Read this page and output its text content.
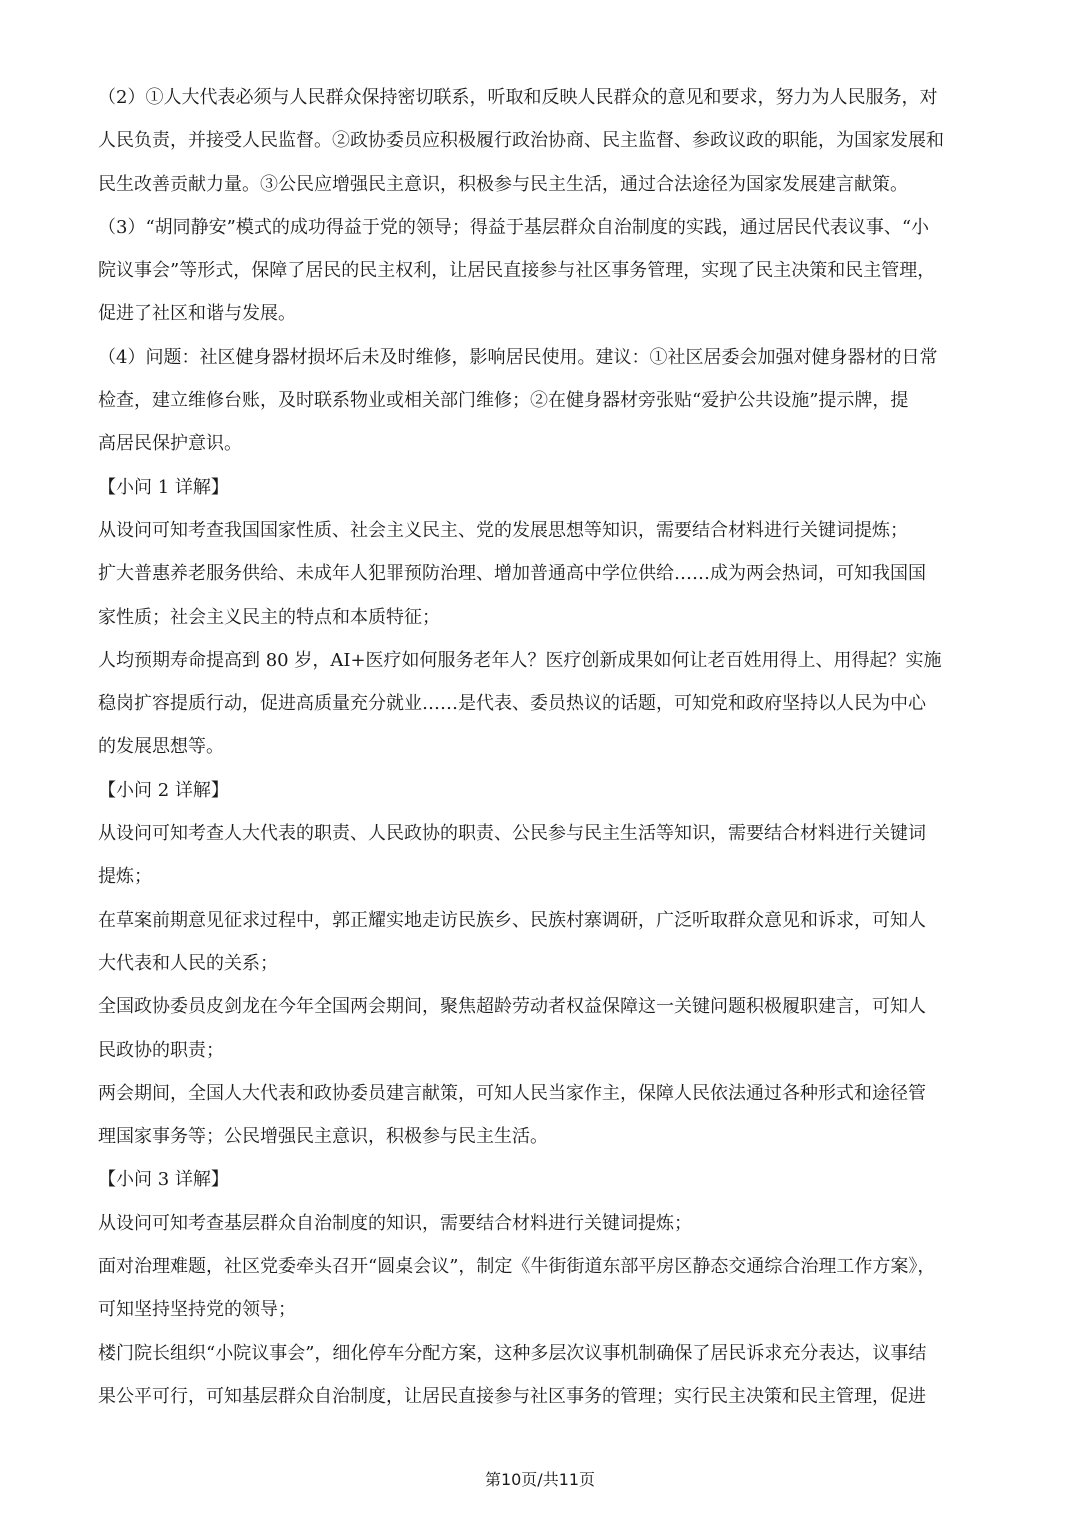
（2）①人大代表必须与人民群众保持密切联系，听取和反映人民群众的意见和要求，努力为人民服务，对
人民负责，并接受人民监督。②政协委员应积极履行政治协商、民主监督、参政议政的职能，为国家发展和
民生改善贡献力量。③公民应增强民主意识，积极参与民主生活，通过合法途径为国家发展建言献策。
（3）“胡同静安”模式的成功得益于党的领导；得益于基层群众自治制度的实践，通过居民代表议事、“小
院议事会”等形式，保障了居民的民主权利，让居民直接参与社区事务管理，实现了民主决策和民主管理，
促进了社区和谐与发展。
（4）问题：社区健身器材损坏后未及时维修，影响居民使用。建议：①社区居委会加强对健身器材的日常
检查，建立维修台账，及时联系物业或相关部门维修；②在健身器材旁张贴“爱护公共设施”提示牌，提
高居民保护意识。
【小问 1 详解】
从设问可知考查我国国家性质、社会主义民主、党的发展思想等知识，需要结合材料进行关键词提炼；
扩大普惠养老服务供给、未成年人犯罪预防治理、增加普通高中学位供给……成为两会热词，可知我国国
家性质；社会主义民主的特点和本质特征；
人均预期寿命提高到 80 岁，AI+医疗如何服务老年人？医疗创新成果如何让老百姓用得上、用得起？实施
稳岗扩容提质行动，促进高质量充分就业……是代表、委员热议的话题，可知党和政府坚持以人民为中心
的发展思想等。
【小问 2 详解】
从设问可知考查人大代表的职责、人民政协的职责、公民参与民主生活等知识，需要结合材料进行关键词
提炼；
在草案前期意见征求过程中，郭正耀实地走访民族乡、民族村寨调研，广泛听取群众意见和诉求，可知人
大代表和人民的关系；
全国政协委员皮剑龙在今年全国两会期间，聚焦超龄劳动者权益保障这一关键问题积极履职建言，可知人
民政协的职责；
两会期间，全国人大代表和政协委员建言献策，可知人民当家作主，保障人民依法通过各种形式和途径管
理国家事务等；公民增强民主意识，积极参与民主生活。
【小问 3 详解】
从设问可知考查基层群众自治制度的知识，需要结合材料进行关键词提炼；
面对治理难题，社区党委牵头召开“圆桌会议”，制定《牛街街道东部平房区静态交通综合治理工作方案》，
可知坚持坚持党的领导；
楼门院长组织“小院议事会”，细化停车分配方案，这种多层次议事机制确保了居民诉求充分表达，议事结
果公平可行，可知基层群众自治制度，让居民直接参与社区事务的管理；实行民主决策和民主管理，促进
第10页/共11页
